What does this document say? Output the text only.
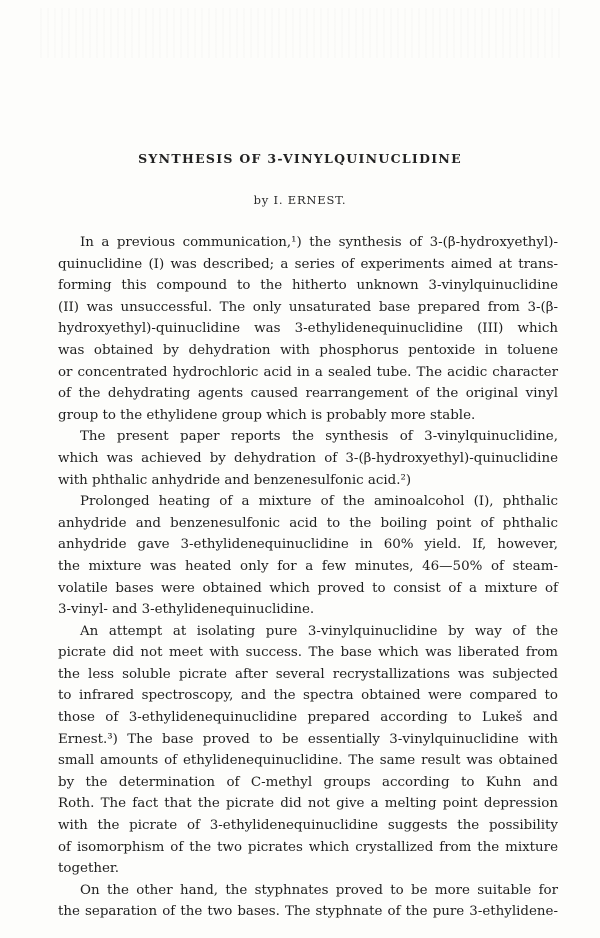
SYNTHESIS OF 3-VINYLQUINUCLIDINE
by I. ERNEST.
In a previous communication,¹) the synthesis of 3-(β-hydroxyethyl)-
quinuclidine (I) was described; a series of experiments aimed at trans-
forming this compound to the hitherto unknown 3-vinylquinuclidine
(II) was unsuccessful. The only unsaturated base prepared from 3-(β-
hydroxyethyl)-quinuclidine was 3-ethylidenequinuclidine (III) which
was obtained by dehydration with phosphorus pentoxide in toluene
or concentrated hydrochloric acid in a sealed tube. The acidic character
of the dehydrating agents caused rearrangement of the original vinyl
group to the ethylidene group which is probably more stable.
The present paper reports the synthesis of 3-vinylquinuclidine,
which was achieved by dehydration of 3-(β-hydroxyethyl)-quinuclidine
with phthalic anhydride and benzenesulfonic acid.²)
Prolonged heating of a mixture of the aminoalcohol (I), phthalic
anhydride and benzenesulfonic acid to the boiling point of phthalic
anhydride gave 3-ethylidenequinuclidine in 60% yield. If, however,
the mixture was heated only for a few minutes, 46—50% of steam-
volatile bases were obtained which proved to consist of a mixture of
3-vinyl- and 3-ethylidenequinuclidine.
An attempt at isolating pure 3-vinylquinuclidine by way of the
picrate did not meet with success. The base which was liberated from
the less soluble picrate after several recrystallizations was subjected
to infrared spectroscopy, and the spectra obtained were compared to
those of 3-ethylidenequinuclidine prepared according to Lukeš and
Ernest.³) The base proved to be essentially 3-vinylquinuclidine with
small amounts of ethylidenequinuclidine. The same result was obtained
by the determination of C-methyl groups according to Kuhn and
Roth. The fact that the picrate did not give a melting point depression
with the picrate of 3-ethylidenequinuclidine suggests the possibility
of isomorphism of the two picrates which crystallized from the mixture
together.
On the other hand, the styphnates proved to be more suitable for
the separation of the two bases. The styphnate of the pure 3-ethylidene-
